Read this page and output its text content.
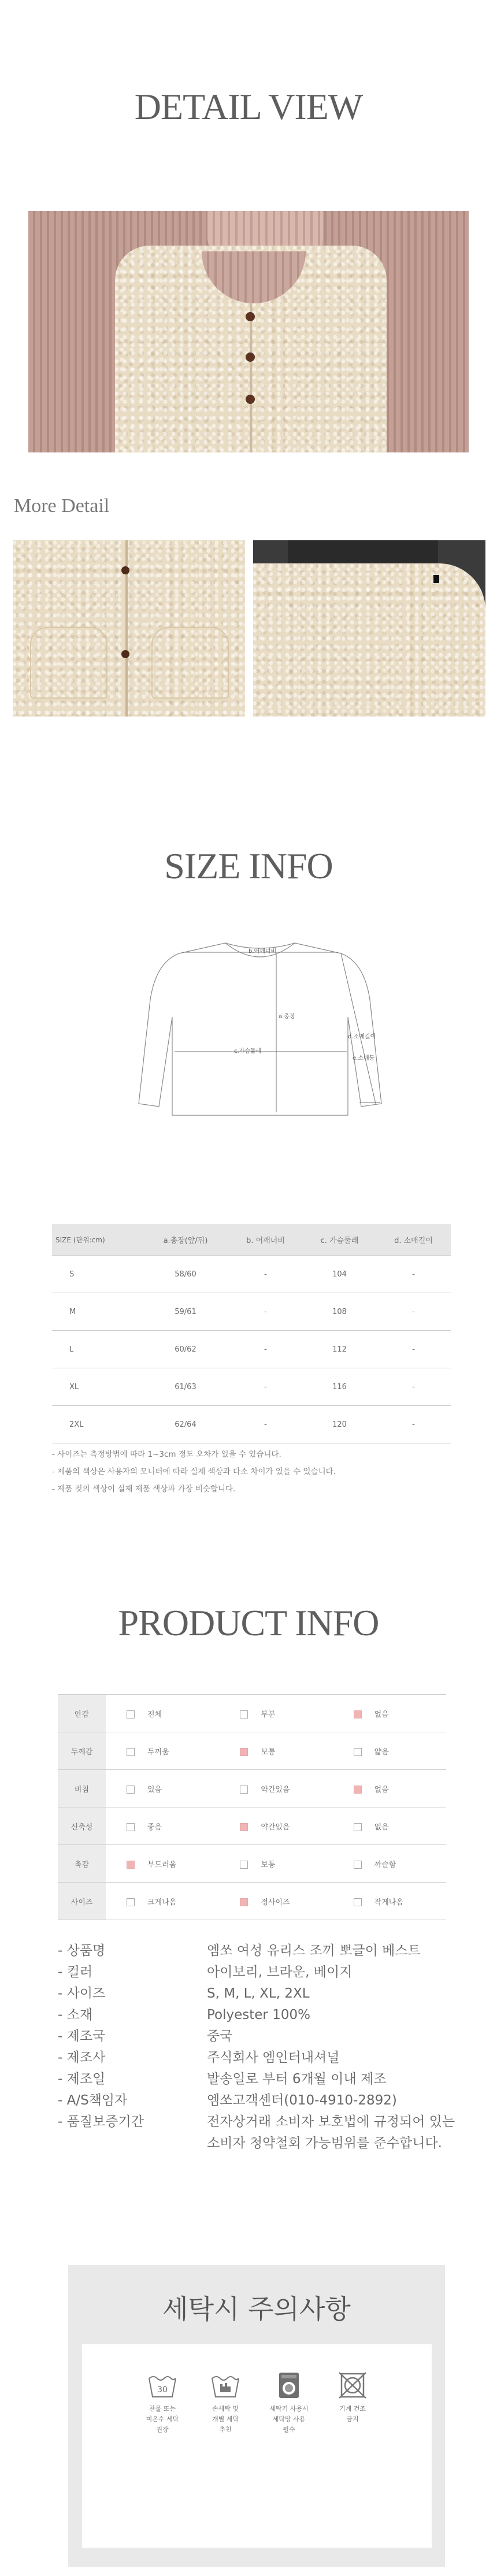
DETAIL VIEW
More Detail
SIZE INFO
b.어깨너비
a.총장
c.가슴둘레
d.소매길이
e.소매통
SIZE (단위:cm)	a.총장(앞/뒤)	b. 어깨너비	c. 가슴둘레	d. 소매길이
S	58/60	-	104	-
M	59/61	-	108	-
L	60/62	-	112	-
XL	61/63	-	116	-
2XL	62/64	-	120	-
- 사이즈는 측정방법에 따라 1~3cm 정도 오차가 있을 수 있습니다.
- 제품의 색상은 사용자의 모니터에 따라 실제 색상과 다소 차이가 있을 수 있습니다.
- 제품 컷의 색상이 실제 제품 색상과 가장 비슷합니다.
PRODUCT INFO
안감	전체	부분	없음
두께감	두꺼움	보통	얇음
비침	있음	약간있음	없음
신축성	좋음	약간있음	없음
촉감	부드러움	보통	까슬함
사이즈	크게나옴	정사이즈	작게나옴
- 상품명	엠쏘 여성 유리스 조끼 뽀글이 베스트
- 컬러	아이보리, 브라운, 베이지
- 사이즈	S, M, L, XL, 2XL
- 소재	Polyester 100%
- 제조국	중국
- 제조사	주식회사 엠인터내셔널
- 제조일	발송일로 부터 6개월 이내 제조
- A/S책임자	엠쏘고객센터(010-4910-2892)
- 품질보증기간	전자상거래 소비자 보호법에 규정되어 있는
소비자 청약철회 가능범위를 준수합니다.
세탁시 주의사항
30
찬물 또는
미온수 세탁
권장
손세탁 및
개별 세탁
추천
세탁기 사용시
세탁망 사용
필수
기계 건조
금지
